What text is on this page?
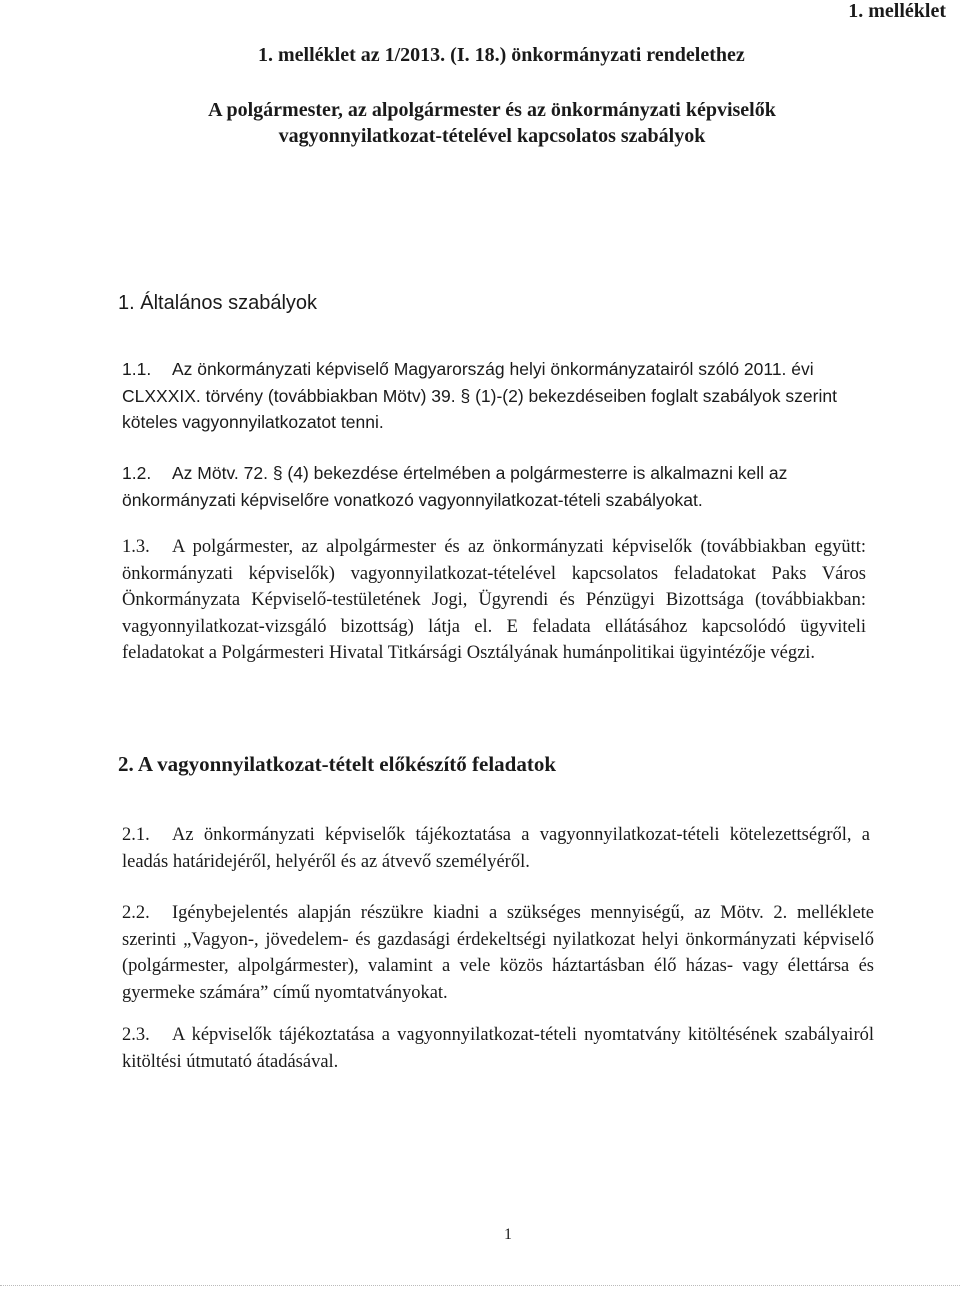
1. melléklet
1. melléklet az 1/2013. (I. 18.) önkormányzati rendelethez
A polgármester, az alpolgármester és az önkormányzati képviselők
vagyonnyilatkozat-tételével kapcsolatos szabályok
1. Általános szabályok
1.1. Az önkormányzati képviselő Magyarország helyi önkormányzatairól szóló 2011. évi CLXXXIX. törvény (továbbiakban Mötv) 39. § (1)-(2) bekezdéseiben foglalt szabályok szerint köteles vagyonnyilatkozatot tenni.
1.2. Az Mötv. 72. § (4) bekezdése értelmében a polgármesterre is alkalmazni kell az önkormányzati képviselőre vonatkozó vagyonnyilatkozat-tételi szabályokat.
1.3. A polgármester, az alpolgármester és az önkormányzati képviselők (továbbiakban együtt: önkormányzati képviselők) vagyonnyilatkozat-tételével kapcsolatos feladatokat Paks Város Önkormányzata Képviselő-testületének Jogi, Ügyrendi és Pénzügyi Bizottsága (továbbiakban: vagyonnyilatkozat-vizsgáló bizottság) látja el. E feladata ellátásához kapcsolódó ügyviteli feladatokat a Polgármesteri Hivatal Titkársági Osztályának humánpolitikai ügyintézője végzi.
2. A vagyonnyilatkozat-tételt előkészítő feladatok
2.1. Az önkormányzati képviselők tájékoztatása a vagyonnyilatkozat-tételi kötelezettségről, a leadás határidejéről, helyéről és az átvevő személyéről.
2.2. Igénybejelentés alapján részükre kiadni a szükséges mennyiségű, az Mötv. 2. melléklete szerinti „Vagyon-, jövedelem- és gazdasági érdekeltségi nyilatkozat helyi önkormányzati képviselő (polgármester, alpolgármester), valamint a vele közös háztartásban élő házas- vagy élettársa és gyermeke számára” című nyomtatványokat.
2.3. A képviselők tájékoztatása a vagyonnyilatkozat-tételi nyomtatvány kitöltésének szabályairól kitöltési útmutató átadásával.
1
